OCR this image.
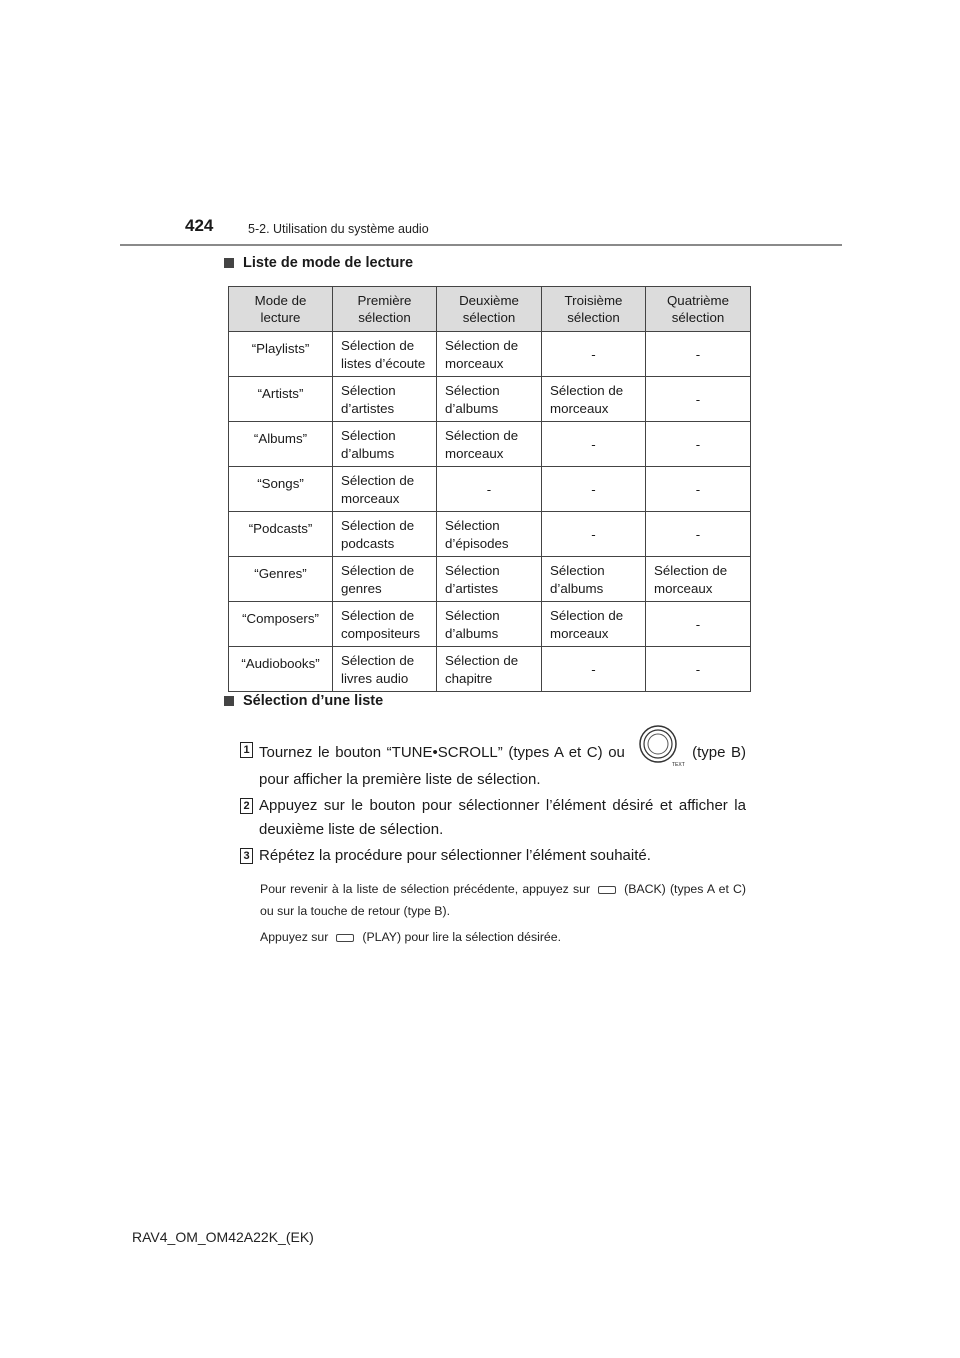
424	5-2. Utilisation du système audio
Liste de mode de lecture
Mode de lecture	Première sélection	Deuxième sélection	Troisième sélection	Quatrième sélection
“Playlists”	Sélection de listes d’écoute	Sélection de morceaux	-	-
“Artists”	Sélection d’artistes	Sélection d’albums	Sélection de morceaux	-
“Albums”	Sélection d’albums	Sélection de morceaux	-	-
“Songs”	Sélection de morceaux	-	-	-
“Podcasts”	Sélection de podcasts	Sélection d’épisodes	-	-
“Genres”	Sélection de genres	Sélection d’artistes	Sélection d’albums	Sélection de morceaux
“Composers”	Sélection de compositeurs	Sélection d’albums	Sélection de morceaux	-
“Audiobooks”	Sélection de livres audio	Sélection de chapitre	-	-
Sélection d’une liste
1 Tournez le bouton “TUNE•SCROLL” (types A et C) ou
TEXT
(type B) pour afficher la première liste de sélection.
2 Appuyez sur le bouton pour sélectionner l’élément désiré et afficher la deuxième liste de sélection.
3 Répétez la procédure pour sélectionner l’élément souhaité.
Pour revenir à la liste de sélection précédente, appuyez sur	(BACK) (types A et C) ou sur la touche de retour (type B).
Appuyez sur	(PLAY) pour lire la sélection désirée.
RAV4_OM_OM42A22K_(EK)
